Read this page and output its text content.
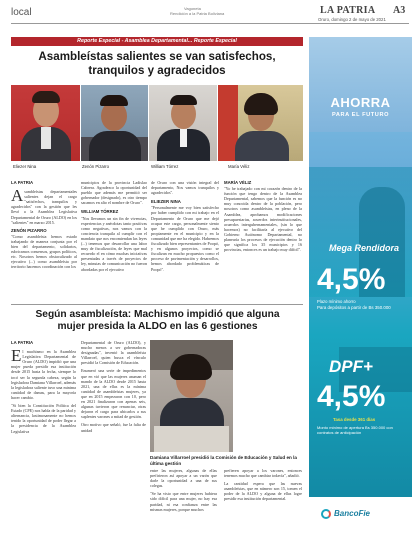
local	Vagoneta
Rendición a la Patria Boliviana	LA PATRIA A3
Oruro, domingo 2 de mayo de 2021
Reporte Especial - Asamblea Departamental... Reporte Especial
Asambleístas salientes se van satisfechos, tranquilos y agradecidos
Eliezer Nina	Zenón Pizarro	William Tórrez	María Véliz
LA PATRIA
A sambleístas departamentales salientes dejan el cargo "satisfechos, tranquilos y agradecidos" con la gestión que les llevó a la Asamblea Legislativa Departamental de Oruro (ALDO) en los "salientes" en marzo 2015.
ZENÓN PIZARRO
"Como asambleísta hemos estado trabajando de manera conjunta por el bien del departamento, solidarios, rubricamos consensos, grupos políticos, etc. Nosotros hemos obstaculizado al ejecutivo (...) como asambleísta por territorio hacemos coordinación con los
municipios de la provincia Ladislao Cabrera. Agradezco la oportunidad del pueblo que además me permitió ser gobernador (designado), es otro tiempo sacamos en alto el nombre de Oruro".
WILLIAM TÓRREZ
"Nos llevamos un sin fin de vivencias, experiencias y anécdotas tanto positivas como negativas, nos vamos con la conciencia tranquila al cumplir con el mandato que nos encomiendan las leyes (...) tenemos que desarrollar una labor muy de fiscalización, de leyes que mal recuerdo el en cómo muchas iniciativas presentadas a través de proyectos de ley, minutas de comunicación no fueron abordadas por el ejecutivo
de Oruro con una visión integral del departamento, Nos vamos tranquilos y agradecidos".
ELIEZER NINA
"Personalmente me voy bien satisfecho por haber cumplido con mi trabajo en el Departamento de Oruro que me dejó ocupar este cargo, personalmente siento que he cumplido con Oruro, más propiamente en el municipio y en la comunidad que me ha elegido. Habremos fiscalizado bien representantes de Poopó, y en algunos proyectos, como se fiscalizan en mucho propuestos como el proceso de pavimentación y desarrollos, hemos abordado problemáticas de Poopó".
MARÍA VÉLIZ
"Yo he trabajado con mi corazón dentro de la función que tengo dentro de la Asamblea Departamental, sabemos que la función es no muy conocida dentro de la población, pero nosotros como asambleístas, en pleno de la Asamblea, aprobamos modificaciones presupuestarias, acuerdos interinstitucionales, acuerdos intergubernamentales, (sin lo que hacemos) no facilitaría al ejecutivo del Gobierno Autónomo Departamental, no planearía los procesos de ejecución dentro lo que significa los 35 municipios y 16 provincias, entonces es un trabajo muy difícil".
Según asambleísta: Machismo impidió que alguna mujer presida la ALDO en las 6 gestiones
LA PATRIA
E l machismo en la Asamblea Legislativa Departamental de Oruro (ALDO) impidió que una mujer pueda presidir esa institución desde 2015 hasta la fecha, siempre lo tocó ser la segunda cabeza, según la legisladora Damiana Villarroel, además la legisladora saliente tuvo una minima cantidad de damas, para la mayoría hacer cambio.
"Si bien la Constitución Política del Estado (CPE) nos habla de la paridad y alternancia, lastimosamente no hemos tenido la oportunidad de poder llegar a la presidencia de la Asamblea Legislativa
Departamental de Oruro (ALDO), y mucho menos a ser gobernadoras designadas", inventó la asambleísta Villarroel, quien busca el vínculo presidió la Comisión de Educación.
Enumeró una serie de impedimentos que en vió que las mujeres asuman el mando de la ALDO desde 2015 hasta 2021, una de ellas es la mínima cantidad de asambleístas mujeres, ya que en 2015 empezaron con 10, pero en 2021 finalizaron con apenas seis, algunas tuvieron que renunciar, otras dejaron el cargo para ubicarlos a sus suplentes varones a mitad de gestión.
Otro motivo que señaló, fue la falta de unidad
Damiana Villarroel presidió la Comisión de Educación y Salud en la última gestión
entre las mujeres, algunas de ellas prefirieron así apoyar a un varón que darle la oportunidad a una de sus colegas.
"Se ha visto que entre mujeres hubiera sido difícil para una mujer, no hay esa paridad, ni esa confianza entre las mismas mujeres, porque muchos
prefieren apoyar a los varones, entonces tenemos mucho que cambiar todavía", añadió.
La cantidad espera que las nuevas asambleístas, que en número son 15, tomen el poder de la ALDO y alguna de ellas logre presidir esa institución departamental.
AHORRA
PARA EL FUTURO
Mega Rendidora
4,5%
Plazo mínimo ahorro
Para depósitos a partir de Bs 350.000
DPF+
4,5%
Tasa desde 361 días
Monto mínimo de apertura Bs 350.000 con contratos de anticipación
BancoFie
